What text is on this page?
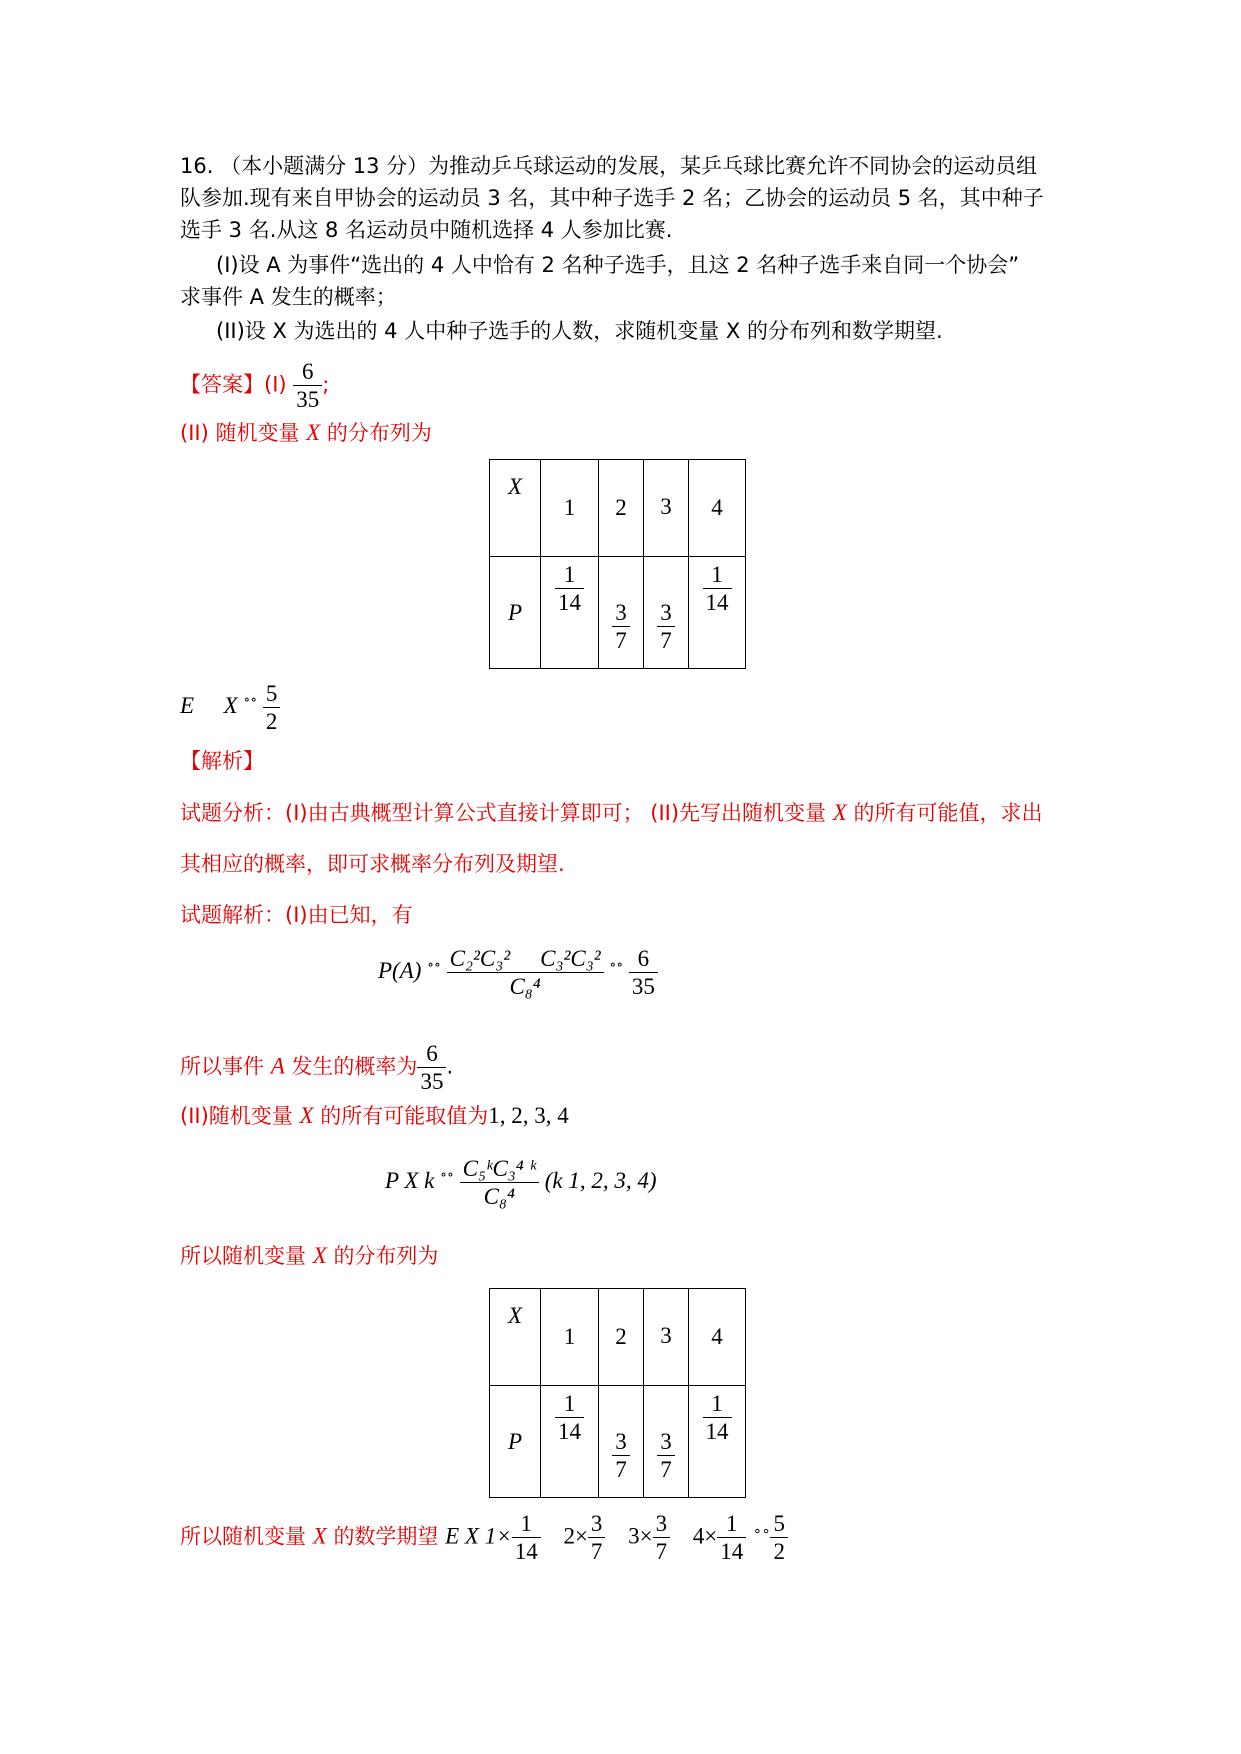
16. （本小题满分 13 分）为推动乒乓球运动的发展，某乒乓球比赛允许不同协会的运动员组
队参加.现有来自甲协会的运动员 3 名，其中种子选手 2 名；乙协会的运动员 5 名，其中种子
选手 3 名.从这 8 名运动员中随机选择 4 人参加比赛.
(I)设 A 为事件“选出的 4 人中恰有 2 名种子选手，且这 2 名种子选手来自同一个协会”
求事件 A 发生的概率；
(II)设 X 为选出的 4 人中种子选手的人数，求随机变量 X 的分布列和数学期望.
【答案】$(I) \frac{6}{35}$ ;
(II) 随机变量 X 的分布列为
X	1	2	3	4
P	$\frac{1}{14}$	$\frac{3}{7}$	$\frac{3}{7}$	$\frac{1}{14}$
E X $^{\circ\circ} \frac{5}{2}$
【解析】
试题分析：(I)由古典概型计算公式直接计算即可； (II)先写出随机变量 X 的所有可能值，求出
其相应的概率，即可求概率分布列及期望.
试题解析：(I)由已知，有
P(A) $^{\circ\circ} \frac{\text{C₂²C₃² C₃²C₃²}}{\text{C₈⁴}} ^{\circ\circ} \frac{6}{35}$
所以事件 A 发生的概率为 $\frac{6}{35}$ .
(II)随机变量 X 的所有可能取值为1, 2, 3, 4
P X k $^{\circ\circ} \frac{\text{C₅ᵏC₃⁴ ᵏ}}{\text{C₈⁴}} (k$ 1, 2, 3, 4)
所以随机变量 X 的分布列为
X	1	2	3	4
P	$\frac{1}{14}$	$\frac{3}{7}$	$\frac{3}{7}$	$\frac{1}{14}$
所以随机变量 X 的数学期望 E X $1\times \frac{1}{14} 2\times \frac{3}{7} 3\times \frac{3}{7} 4\times \frac{1}{14} ^{\circ\circ} \frac{5}{2}$
